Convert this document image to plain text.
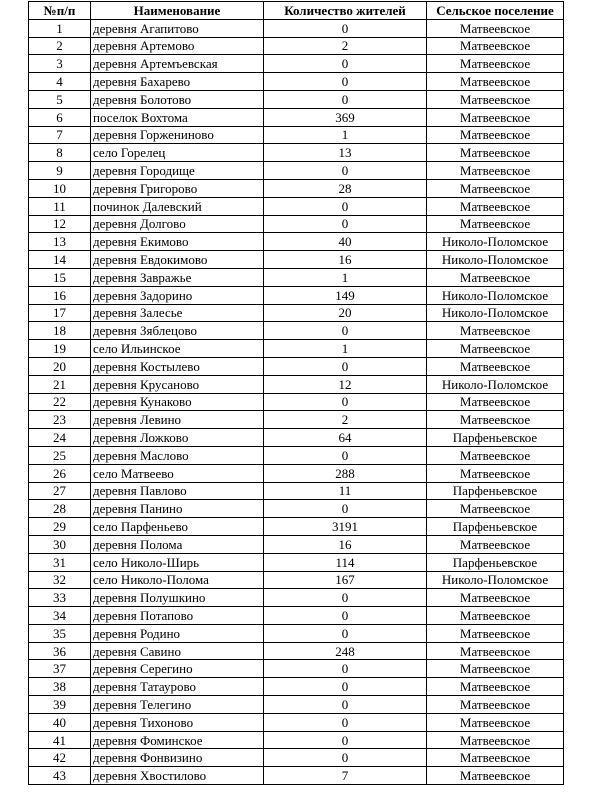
№п/п	Наименование	Количество жителей	Сельское поселение
1	деревня Агапитово	0	Матвеевское
2	деревня Артемово	2	Матвеевское
3	деревня Артемъевская	0	Матвеевское
4	деревня Бахарево	0	Матвеевское
5	деревня Болотово	0	Матвеевское
6	поселок Вохтома	369	Матвеевское
7	деревня Горжениново	1	Матвеевское
8	село Горелец	13	Матвеевское
9	деревня Городище	0	Матвеевское
10	деревня Григорово	28	Матвеевское
11	починок Далевский	0	Матвеевское
12	деревня Долгово	0	Матвеевское
13	деревня Екимово	40	Николо-Поломское
14	деревня Евдокимово	16	Николо-Поломское
15	деревня Завражье	1	Матвеевское
16	деревня Задорино	149	Николо-Поломское
17	деревня Залесье	20	Николо-Поломское
18	деревня Зяблецово	0	Матвеевское
19	село Ильинское	1	Матвеевское
20	деревня Костылево	0	Матвеевское
21	деревня Крусаново	12	Николо-Поломское
22	деревня Кунаково	0	Матвеевское
23	деревня Левино	2	Матвеевское
24	деревня Ложково	64	Парфеньевское
25	деревня Маслово	0	Матвеевское
26	село Матвеево	288	Матвеевское
27	деревня Павлово	11	Парфеньевское
28	деревня Панино	0	Матвеевское
29	село Парфеньево	3191	Парфеньевское
30	деревня Полома	16	Матвеевское
31	село Николо-Ширь	114	Парфеньевское
32	село Николо-Полома	167	Николо-Поломское
33	деревня Полушкино	0	Матвеевское
34	деревня Потапово	0	Матвеевское
35	деревня Родино	0	Матвеевское
36	деревня Савино	248	Матвеевское
37	деревня Серегино	0	Матвеевское
38	деревня Татаурово	0	Матвеевское
39	деревня Телегино	0	Матвеевское
40	деревня Тихоново	0	Матвеевское
41	деревня Фоминское	0	Матвеевское
42	деревня Фонвизино	0	Матвеевское
43	деревня Хвостилово	7	Матвеевское
